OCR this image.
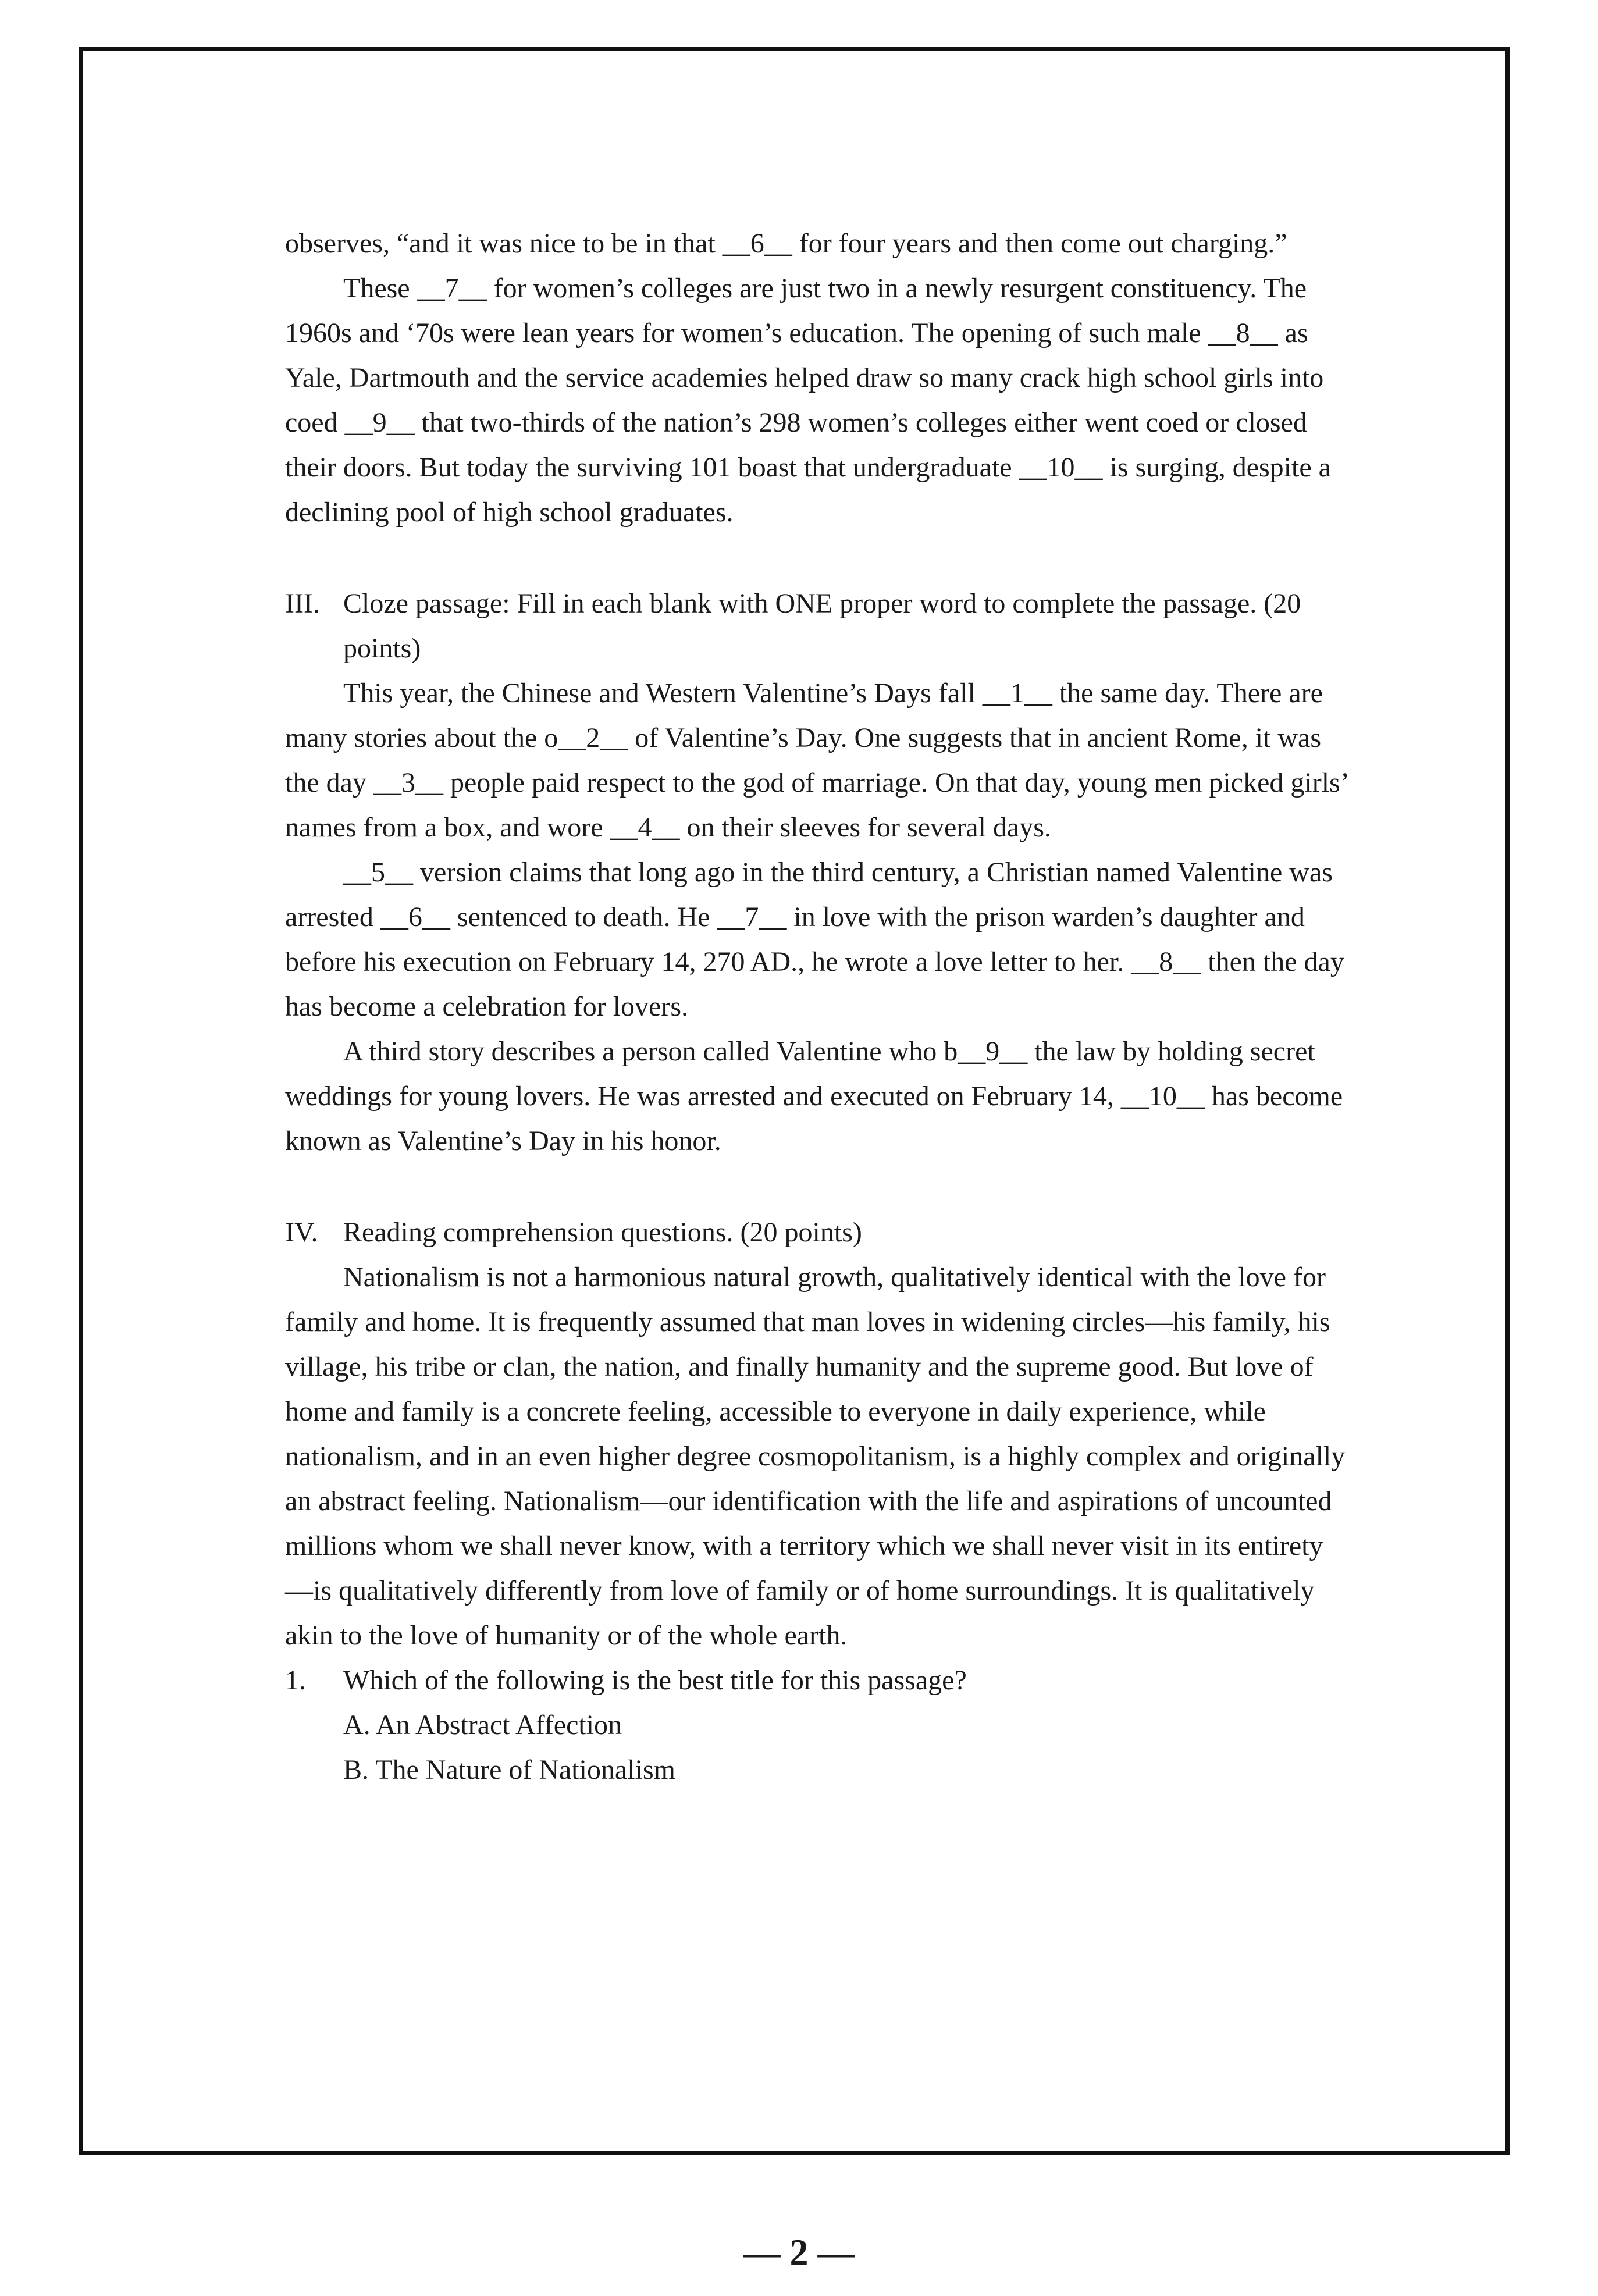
observes, “and it was nice to be in that __6__ for four years and then come out charging.”

These __7__ for women’s colleges are just two in a newly resurgent constituency. The 1960s and ‘70s were lean years for women’s education. The opening of such male __8__ as Yale, Dartmouth and the service academies helped draw so many crack high school girls into coed __9__ that two-thirds of the nation’s 298 women’s colleges either went coed or closed their doors. But today the surviving 101 boast that undergraduate __10__ is surging, despite a declining pool of high school graduates.

III. Cloze passage: Fill in each blank with ONE proper word to complete the passage. (20 points)

This year, the Chinese and Western Valentine’s Days fall __1__ the same day. There are many stories about the o__2__ of Valentine’s Day. One suggests that in ancient Rome, it was the day __3__ people paid respect to the god of marriage. On that day, young men picked girls’ names from a box, and wore __4__ on their sleeves for several days.

__5__ version claims that long ago in the third century, a Christian named Valentine was arrested __6__ sentenced to death. He __7__ in love with the prison warden’s daughter and before his execution on February 14, 270 AD., he wrote a love letter to her. __8__ then the day has become a celebration for lovers.

A third story describes a person called Valentine who b__9__ the law by holding secret weddings for young lovers. He was arrested and executed on February 14, __10__ has become known as Valentine’s Day in his honor.

IV. Reading comprehension questions. (20 points)

Nationalism is not a harmonious natural growth, qualitatively identical with the love for family and home. It is frequently assumed that man loves in widening circles—his family, his village, his tribe or clan, the nation, and finally humanity and the supreme good. But love of home and family is a concrete feeling, accessible to everyone in daily experience, while nationalism, and in an even higher degree cosmopolitanism, is a highly complex and originally an abstract feeling. Nationalism—our identification with the life and aspirations of uncounted millions whom we shall never know, with a territory which we shall never visit in its entirety—is qualitatively differently from love of family or of home surroundings. It is qualitatively akin to the love of humanity or of the whole earth.

1.	Which of the following is the best title for this passage?

A. An Abstract Affection

B. The Nature of Nationalism

— 2 —
